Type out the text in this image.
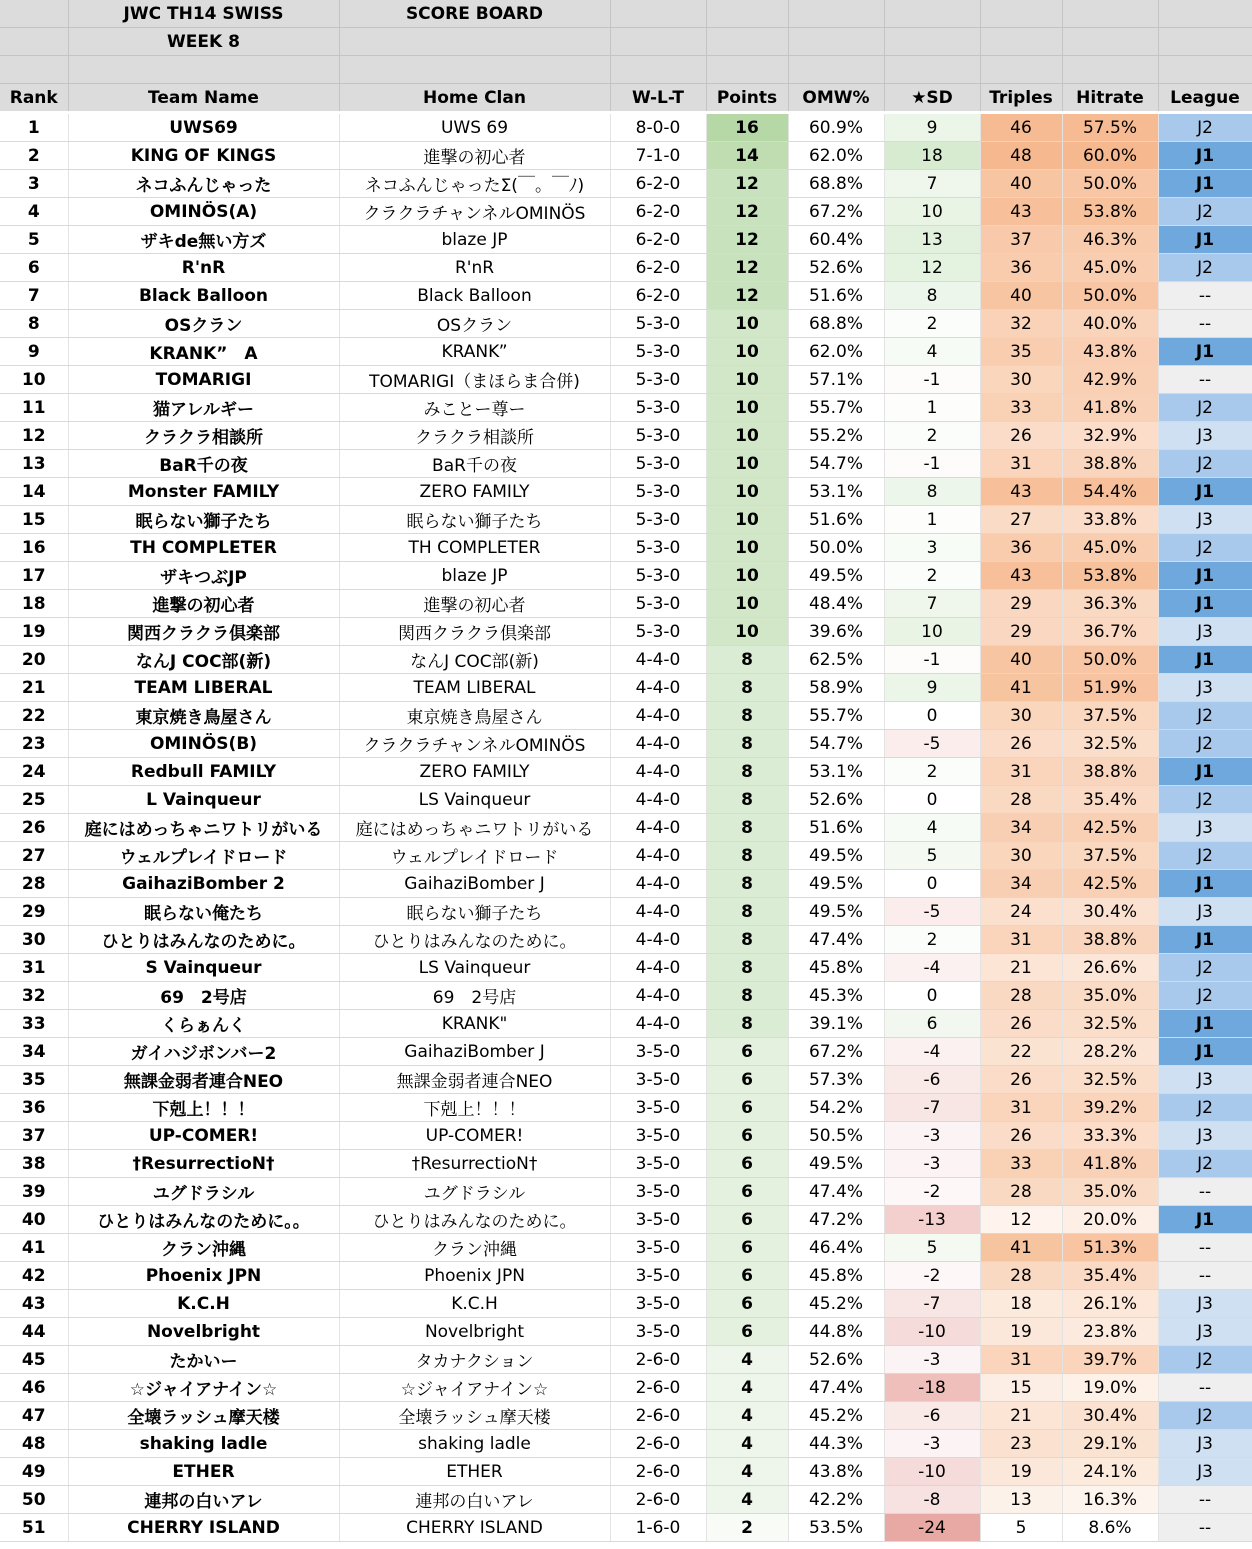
	JWC TH14 SWISS	SCORE BOARD							
	WEEK 8								

Rank	Team Name	Home Clan	W-L-T	Points	OMW%	★SD	Triples	Hitrate	League
1	UWS69	UWS 69	8-0-0	16	60.9%	9	46	57.5%	J2
2	KING OF KINGS	進撃の初心者	7-1-0	14	62.0%	18	48	60.0%	J1
3	ネコふんじゃった	ネコふんじゃったΣ(￣。￣ﾉ)	6-2-0	12	68.8%	7	40	50.0%	J1
4	OMINÖS(A)	クラクラチャンネルOMINÖS	6-2-0	12	67.2%	10	43	53.8%	J2
5	ザキde無い方ズ	blaze JP	6-2-0	12	60.4%	13	37	46.3%	J1
6	R'nR	R'nR	6-2-0	12	52.6%	12	36	45.0%	J2
7	Black Balloon	Black Balloon	6-2-0	12	51.6%	8	40	50.0%	--
8	OSクラン	OSクラン	5-3-0	10	68.8%	2	32	40.0%	--
9	KRANK”　A	KRANK”	5-3-0	10	62.0%	4	35	43.8%	J1
10	TOMARIGI	TOMARIGI（まほらま合併)	5-3-0	10	57.1%	-1	30	42.9%	--
11	猫アレルギー	みことー尊ー	5-3-0	10	55.7%	1	33	41.8%	J2
12	クラクラ相談所	クラクラ相談所	5-3-0	10	55.2%	2	26	32.9%	J3
13	BaR千の夜	BaR千の夜	5-3-0	10	54.7%	-1	31	38.8%	J2
14	Monster FAMILY	ZERO FAMILY	5-3-0	10	53.1%	8	43	54.4%	J1
15	眠らない獅子たち	眠らない獅子たち	5-3-0	10	51.6%	1	27	33.8%	J3
16	TH COMPLETER	TH COMPLETER	5-3-0	10	50.0%	3	36	45.0%	J2
17	ザキつぶJP	blaze JP	5-3-0	10	49.5%	2	43	53.8%	J1
18	進撃の初心者	進撃の初心者	5-3-0	10	48.4%	7	29	36.3%	J1
19	関西クラクラ倶楽部	関西クラクラ倶楽部	5-3-0	10	39.6%	10	29	36.7%	J3
20	なんJ COC部(新)	なんJ COC部(新)	4-4-0	8	62.5%	-1	40	50.0%	J1
21	TEAM LIBERAL	TEAM LIBERAL	4-4-0	8	58.9%	9	41	51.9%	J3
22	東京焼き鳥屋さん	東京焼き鳥屋さん	4-4-0	8	55.7%	0	30	37.5%	J2
23	OMINÖS(B)	クラクラチャンネルOMINÖS	4-4-0	8	54.7%	-5	26	32.5%	J2
24	Redbull FAMILY	ZERO FAMILY	4-4-0	8	53.1%	2	31	38.8%	J1
25	L Vainqueur	LS Vainqueur	4-4-0	8	52.6%	0	28	35.4%	J2
26	庭にはめっちゃニワトリがいる	庭にはめっちゃニワトリがいる	4-4-0	8	51.6%	4	34	42.5%	J3
27	ウェルプレイドロード	ウェルプレイドロード	4-4-0	8	49.5%	5	30	37.5%	J2
28	GaihaziBomber 2	GaihaziBomber J	4-4-0	8	49.5%	0	34	42.5%	J1
29	眠らない俺たち	眠らない獅子たち	4-4-0	8	49.5%	-5	24	30.4%	J3
30	ひとりはみんなのために。	ひとりはみんなのために。	4-4-0	8	47.4%	2	31	38.8%	J1
31	S Vainqueur	LS Vainqueur	4-4-0	8	45.8%	-4	21	26.6%	J2
32	69　2号店	69　2号店	4-4-0	8	45.3%	0	28	35.0%	J2
33	くらぁんく	KRANK"	4-4-0	8	39.1%	6	26	32.5%	J1
34	ガイハジボンバー2	GaihaziBomber J	3-5-0	6	67.2%	-4	22	28.2%	J1
35	無課金弱者連合NEO	無課金弱者連合NEO	3-5-0	6	57.3%	-6	26	32.5%	J3
36	下剋上！！！	下剋上！！！	3-5-0	6	54.2%	-7	31	39.2%	J2
37	UP-COMER!	UP-COMER!	3-5-0	6	50.5%	-3	26	33.3%	J3
38	†ResurrectioN†	†ResurrectioN†	3-5-0	6	49.5%	-3	33	41.8%	J2
39	ユグドラシル	ユグドラシル	3-5-0	6	47.4%	-2	28	35.0%	--
40	ひとりはみんなのために。。	ひとりはみんなのために。	3-5-0	6	47.2%	-13	12	20.0%	J1
41	クラン沖縄	クラン沖縄	3-5-0	6	46.4%	5	41	51.3%	--
42	Phoenix JPN	Phoenix JPN	3-5-0	6	45.8%	-2	28	35.4%	--
43	K.C.H	K.C.H	3-5-0	6	45.2%	-7	18	26.1%	J3
44	Novelbright	Novelbright	3-5-0	6	44.8%	-10	19	23.8%	J3
45	たかいー	タカナクション	2-6-0	4	52.6%	-3	31	39.7%	J2
46	☆ジャイアナイン☆	☆ジャイアナイン☆	2-6-0	4	47.4%	-18	15	19.0%	--
47	全壊ラッシュ摩天楼	全壊ラッシュ摩天楼	2-6-0	4	45.2%	-6	21	30.4%	J2
48	shaking ladle	shaking ladle	2-6-0	4	44.3%	-3	23	29.1%	J3
49	ETHER	ETHER	2-6-0	4	43.8%	-10	19	24.1%	J3
50	連邦の白いアレ	連邦の白いアレ	2-6-0	4	42.2%	-8	13	16.3%	--
51	CHERRY ISLAND	CHERRY ISLAND	1-6-0	2	53.5%	-24	5	8.6%	--
